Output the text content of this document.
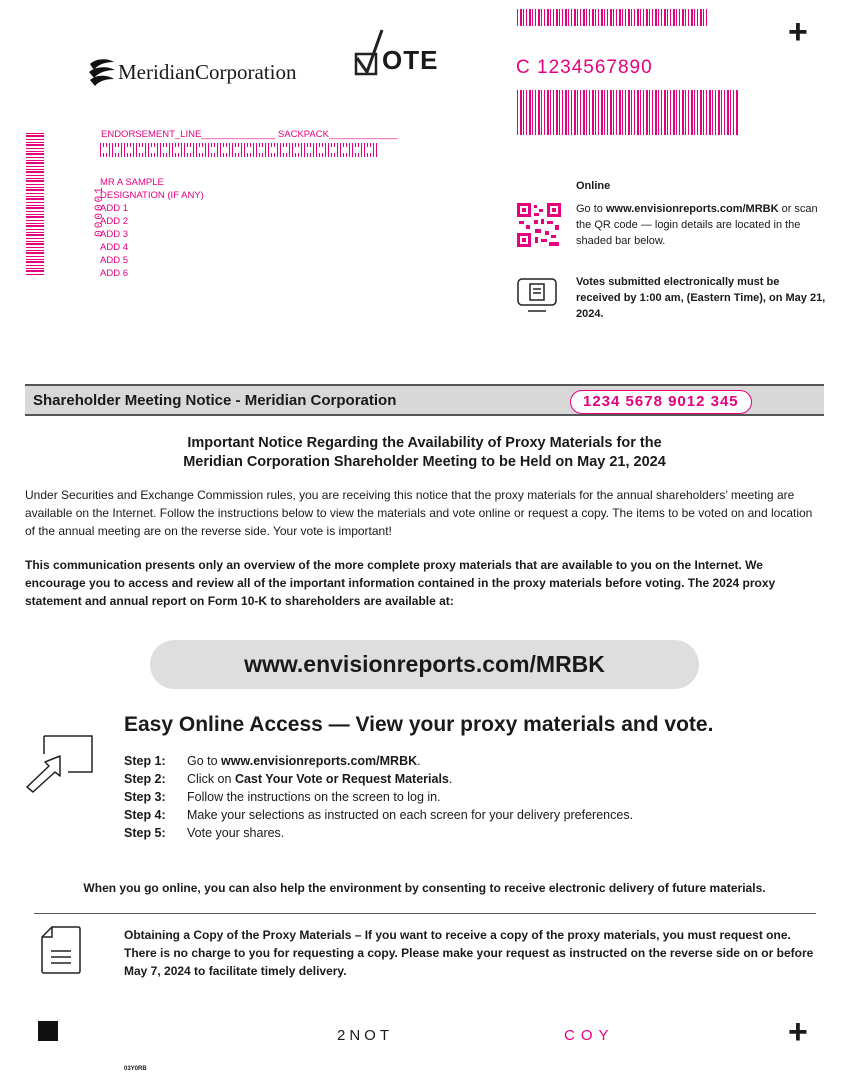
+
MeridianCorporation	OTE	C 1234567890
ENDORSEMENT_LINE______________ SACKPACK_____________
000001
MR A SAMPLE
DESIGNATION (IF ANY)
ADD 1
ADD 2
ADD 3
ADD 4
ADD 5
ADD 6
Online
Go to www.envisionreports.com/MRBK or scan the QR code — login details are located in the shaded bar below.
Votes submitted electronically must be received by 1:00 am, (Eastern Time), on May 21, 2024.
Shareholder Meeting Notice - Meridian Corporation	1234 5678 9012 345
Important Notice Regarding the Availability of Proxy Materials for the
Meridian Corporation Shareholder Meeting to be Held on May 21, 2024
Under Securities and Exchange Commission rules, you are receiving this notice that the proxy materials for the annual shareholders’ meeting are available on the Internet. Follow the instructions below to view the materials and vote online or request a copy. The items to be voted on and location of the annual meeting are on the reverse side. Your vote is important!
This communication presents only an overview of the more complete proxy materials that are available to you on the Internet. We encourage you to access and review all of the important information contained in the proxy materials before voting. The 2024 proxy statement and annual report on Form 10-K to shareholders are available at:
www.envisionreports.com/MRBK
Easy Online Access — View your proxy materials and vote.
Step 1: Go to www.envisionreports.com/MRBK.
Step 2: Click on Cast Your Vote or Request Materials.
Step 3: Follow the instructions on the screen to log in.
Step 4: Make your selections as instructed on each screen for your delivery preferences.
Step 5: Vote your shares.
When you go online, you can also help the environment by consenting to receive electronic delivery of future materials.
Obtaining a Copy of the Proxy Materials – If you want to receive a copy of the proxy materials, you must request one. There is no charge to you for requesting a copy. Please make your request as instructed on the reverse side on or before May 7, 2024 to facilitate timely delivery.
2NOT	COY	+
03Y0RB
